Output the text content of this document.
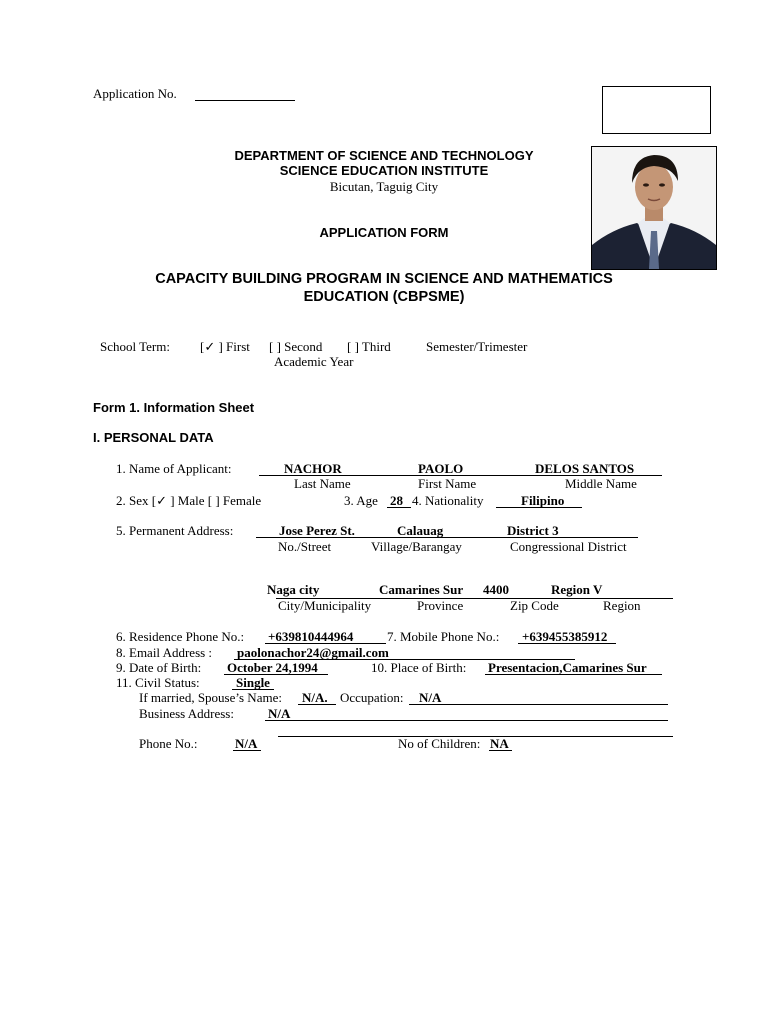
Application No.
DEPARTMENT OF SCIENCE AND TECHNOLOGY
SCIENCE EDUCATION INSTITUTE
Bicutan, Taguig City
APPLICATION FORM
CAPACITY BUILDING PROGRAM IN SCIENCE AND MATHEMATICS
EDUCATION (CBPSME)
School Term: [✓ ] First [ ] Second [ ] Third	Semester/Trimester
Academic Year
Form 1. Information Sheet
I. PERSONAL DATA
1. Name of Applicant:	NACHOR	PAOLO	DELOS SANTOS
Last Name	First Name	Middle Name
2. Sex [✓ ] Male [ ] Female	3. Age 28 4. Nationality	Filipino
5. Permanent Address:	Jose Perez St.	Calauag	District 3
No./Street	Village/Barangay	Congressional District
Naga city	Camarines Sur 4400	Region V
City/Municipality	Province	Zip Code	Region
6. Residence Phone No.: +639810444964	7. Mobile Phone No.: +639455385912
8. Email Address : paolonachor24@gmail.com
9. Date of Birth: October 24,1994	10. Place of Birth: Presentacion,Camarines Sur
11. Civil Status:	Single
If married, Spouse’s Name: N/A. Occupation: N/A
Business Address:	N/A
Phone No.:	N/A	No of Children: NA
